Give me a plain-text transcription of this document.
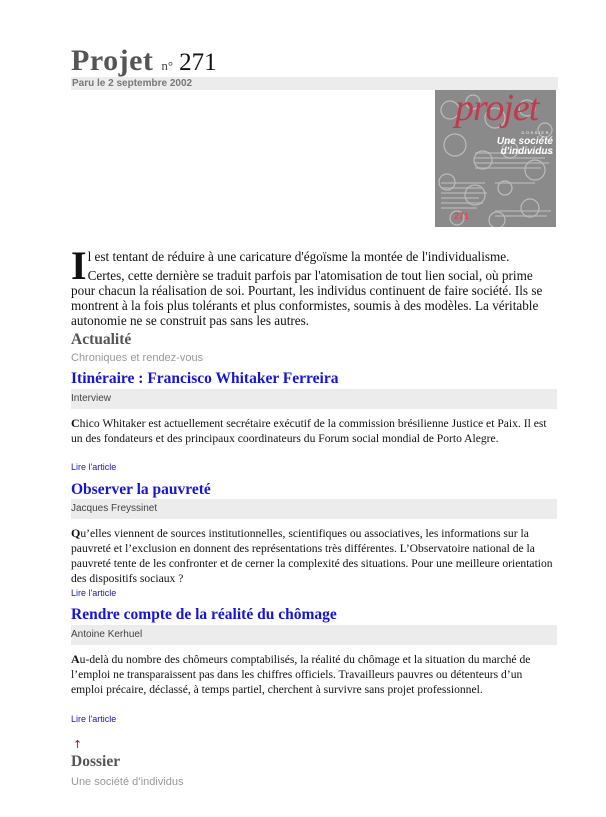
Projet n° 271
Paru le 2 septembre 2002
projet
DOSSIER
Une société d'individus
271

Il est tentant de réduire à une caricature d'égoïsme la montée de l'individualisme.

Certes, cette dernière se traduit parfois par l'atomisation de tout lien social, où prime pour chacun la réalisation de soi. Pourtant, les individus continuent de faire société. Ils se montrent à la fois plus tolérants et plus conformistes, soumis à des modèles. La véritable autonomie ne se construit pas sans les autres.

Actualité
Chroniques et rendez-vous
Itinéraire : Francisco Whitaker Ferreira
Interview

Chico Whitaker est actuellement secrétaire exécutif de la commission brésilienne Justice et Paix. Il est un des fondateurs et des principaux coordinateurs du Forum social mondial de Porto Alegre.

Lire l'article
Observer la pauvreté
Jacques Freyssinet

Qu’elles viennent de sources institutionnelles, scientifiques ou associatives, les informations sur la pauvreté et l’exclusion en donnent des représentations très différentes. L’Observatoire national de la pauvreté tente de les confronter et de cerner la complexité des situations. Pour une meilleure orientation des dispositifs sociaux ?

Lire l'article
Rendre compte de la réalité du chômage
Antoine Kerhuel

Au-delà du nombre des chômeurs comptabilisés, la réalité du chômage et la situation du marché de l’emploi ne transparaissent pas dans les chiffres officiels. Travailleurs pauvres ou détenteurs d’un emploi précaire, déclassé, à temps partiel, cherchent à survivre sans projet professionnel.

Lire l'article
↑
Dossier
Une société d’individus
